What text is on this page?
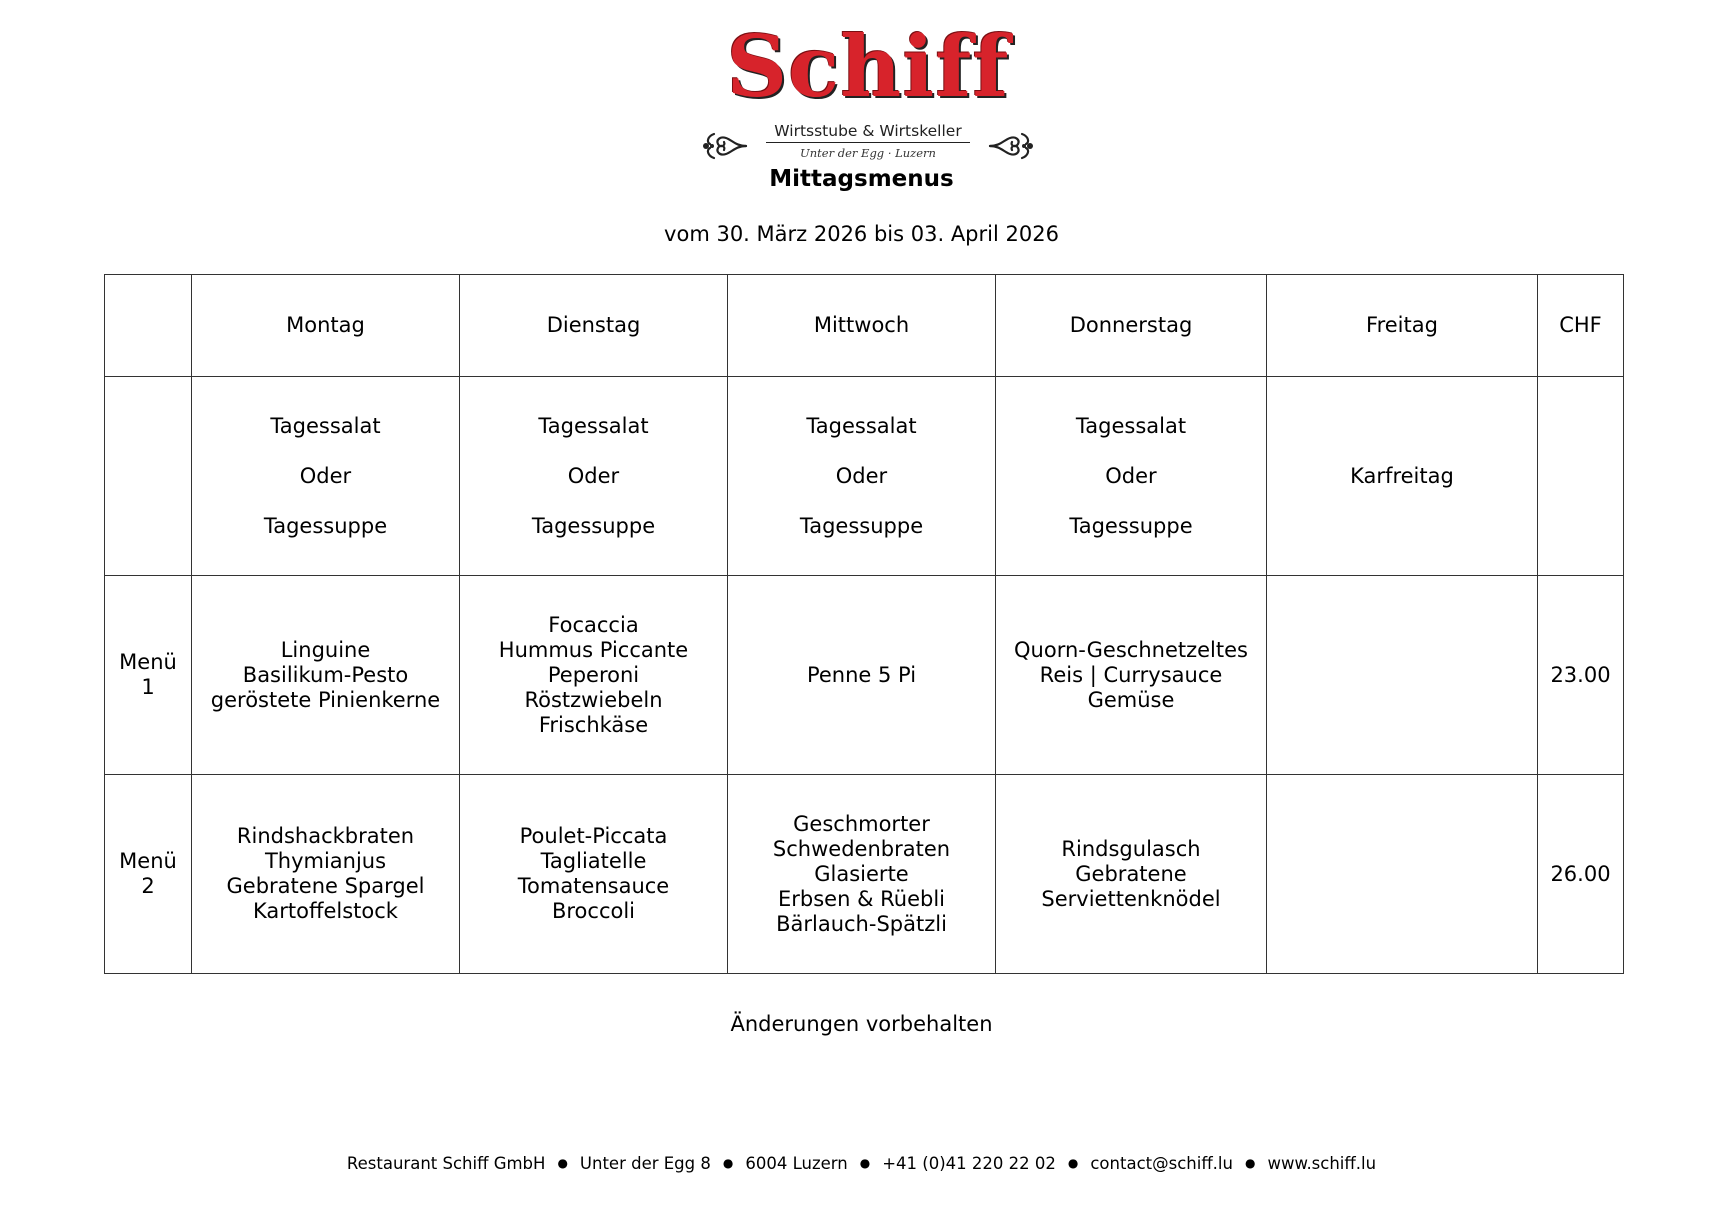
Schiff
Wirtsstube & Wirtskeller
Unter der Egg · Luzern
Mittagsmenus
vom 30. März 2026 bis 03. April 2026
	Montag	Dienstag	Mittwoch	Donnerstag	Freitag	CHF

	Tagessalat
Oder
Tagessuppe	Tagessalat
Oder
Tagessuppe	Tagessalat
Oder
Tagessuppe	Tagessalat
Oder
Tagessuppe	Karfreitag	
Menü 1	Linguine
Basilikum-Pesto
geröstete Pinienkerne	Focaccia
Hummus Piccante
Peperoni
Röstzwiebeln
Frischkäse	Penne 5 Pi	Quorn-Geschnetzeltes
Reis | Currysauce
Gemüse		23.00
Menü 2	Rindshackbraten
Thymianjus
Gebratene Spargel
Kartoffelstock	Poulet-Piccata
Tagliatelle
Tomatensauce
Broccoli	Geschmorter
Schwedenbraten
Glasierte
Erbsen & Rüebli
Bärlauch-Spätzli	Rindsgulasch
Gebratene
Serviettenknödel		26.00
Änderungen vorbehalten
Restaurant Schiff GmbH ● Unter der Egg 8 ● 6004 Luzern ● +41 (0)41 220 22 02 ● contact@schiff.lu ● www.schiff.lu
